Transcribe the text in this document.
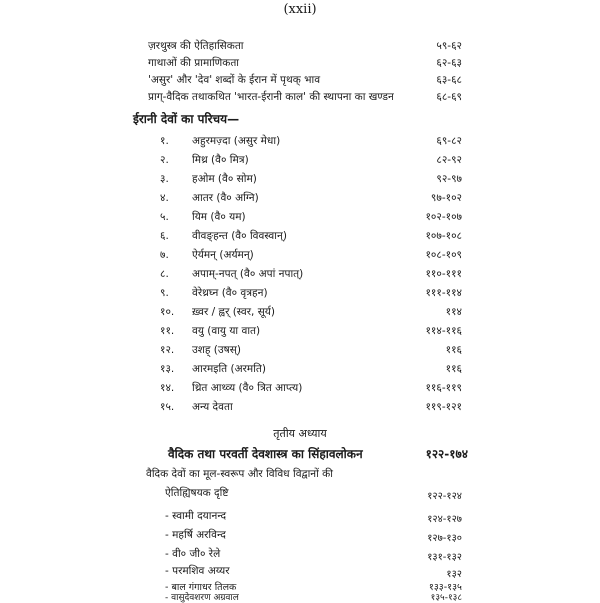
(xxii)
ज़रथुस्त्र की ऐतिहासिकता	५९-६२
गाथाओं की प्रामाणिकता	६२-६३
'असुर' और 'देव' शब्दों के ईरान में पृथक् भाव	६३-६८
प्राग्-वैदिक तथाकथित 'भारत-ईरानी काल' की स्थापना का खण्डन	६८-६९
ईरानी देवों का परिचय—
१.	अहुरमज़्दा (असुर मेधा)	६९-८२
२.	मिथ्र (वै० मित्र)	८२-९२
३.	हओम (वै० सोम)	९२-९७
४.	आतर (वै० अग्नि)	९७-१०२
५.	यिम (वै० यम)	१०२-१०७
६.	वीवङ्हन्त (वै० विवस्वान्)	१०७-१०८
७.	ऐर्यमन् (अर्यमन्)	१०८-१०९
८.	अपाम्-नपत् (वै० अपां नपात्)	११०-१११
९.	वेरेथ्रघ्न (वै० वृत्रहन)	१११-११४
१०.	ख़्वर / ह्वर् (स्वर, सूर्य)	११४
११.	वयु (वायु या वात)	११४-११६
१२.	उशह् (उषस्)	११६
१३.	आरमइति (अरमति)	११६
१४.	थ्रित आथ्व्य (वै० त्रित आप्त्य)	११६-११९
१५.	अन्य देवता	११९-१२१
तृतीय अध्याय
वैदिक तथा परवर्ती देवशास्त्र का सिंहावलोकन	१२२-१७४
वैदिक देवों का मूल-स्वरूप और विविध विद्वानों की
ऐतिह्यिषयक दृष्टि	१२२-१२४
- स्वामी दयानन्द	१२४-१२७
- महर्षि अरविन्द	१२७-१३०
- वी० जी० रेले	१३१-१३२
- परमशिव अय्यर	१३२
- बाल गंगाधर तिलक	१३३-१३५
- वासुदेवशरण अग्रवाल	१३५-१३८
